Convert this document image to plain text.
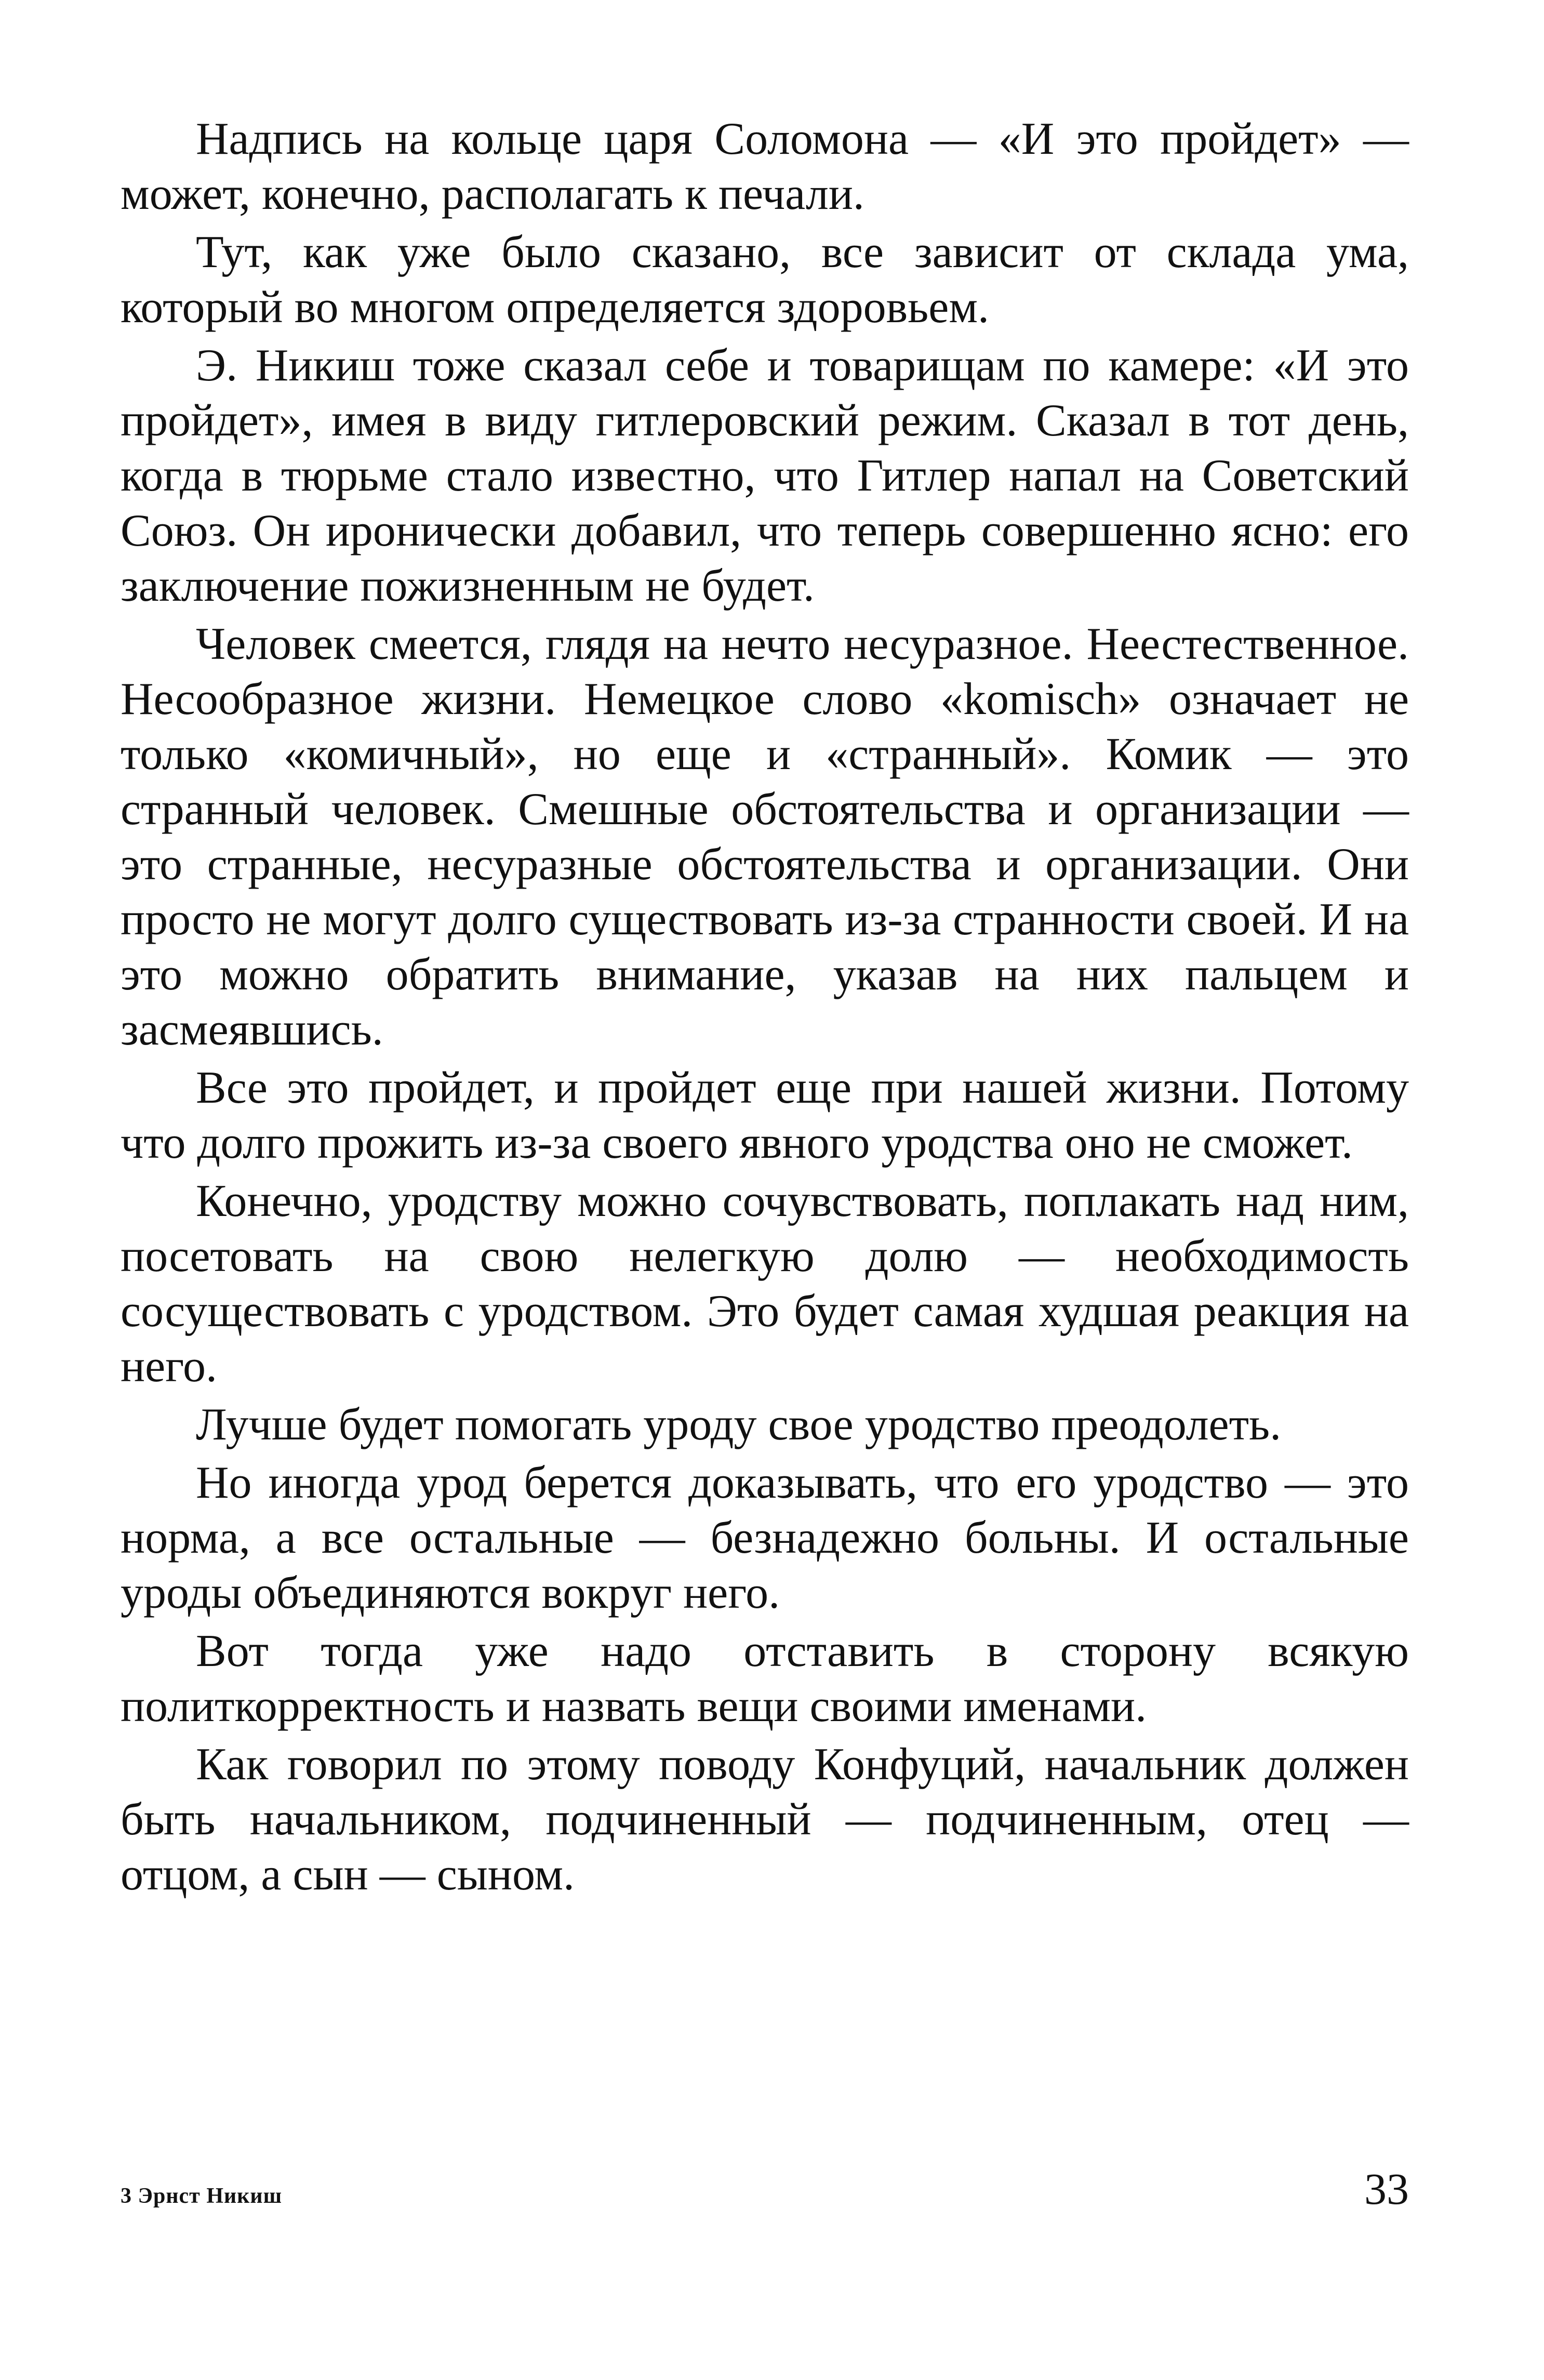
Надпись на кольце царя Соломона — «И это пройдет» — может, конечно, располагать к печали.

Тут, как уже было сказано, все зависит от склада ума, который во многом определяется здоровьем.

Э. Никиш тоже сказал себе и товарищам по камере: «И это пройдет», имея в виду гитлеровский режим. Сказал в тот день, когда в тюрьме стало известно, что Гитлер напал на Советский Союз. Он иронически добавил, что теперь совершенно ясно: его заключение пожизненным не будет.

Человек смеется, глядя на нечто несуразное. Неестественное. Несообразное жизни. Немецкое слово «komisch» означает не только «комичный», но еще и «странный». Комик — это странный человек. Смешные обстоятельства и организации — это странные, несуразные обстоятельства и организации. Они просто не могут долго существовать из-за странности своей. И на это можно обратить внимание, указав на них пальцем и засмеявшись.

Все это пройдет, и пройдет еще при нашей жизни. Потому что долго прожить из-за своего явного уродства оно не сможет.

Конечно, уродству можно сочувствовать, поплакать над ним, посетовать на свою нелегкую долю — необходимость сосуществовать с уродством. Это будет самая худшая реакция на него.

Лучше будет помогать уроду свое уродство преодолеть.

Но иногда урод берется доказывать, что его уродство — это норма, а все остальные — безнадежно больны. И остальные уроды объединяются вокруг него.

Вот тогда уже надо отставить в сторону всякую политкорректность и назвать вещи своими именами.

Как говорил по этому поводу Конфуций, начальник должен быть начальником, подчиненный — подчиненным, отец — отцом, а сын — сыном.

3 Эрнст Никиш	33
